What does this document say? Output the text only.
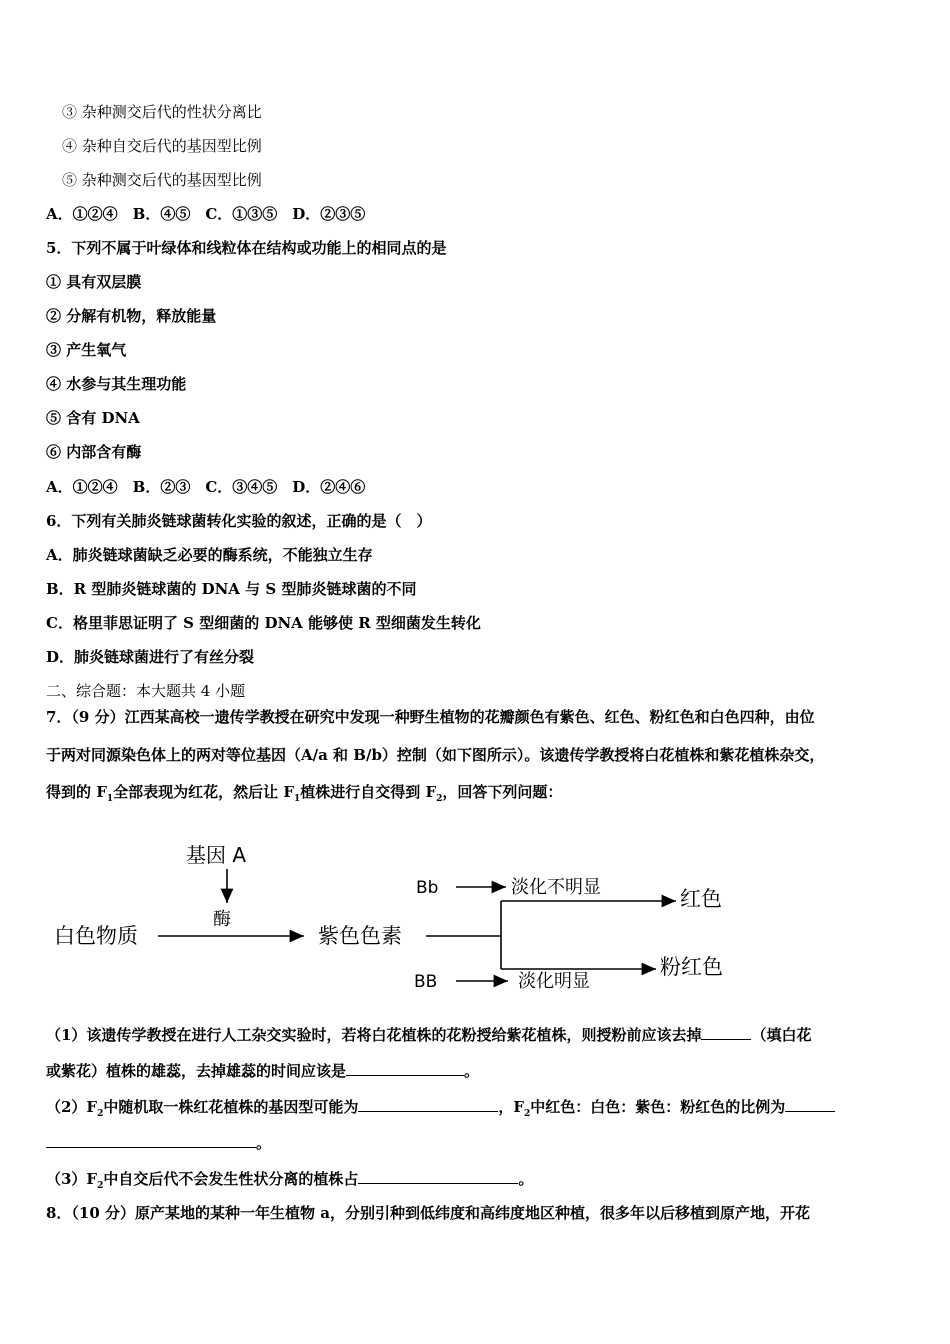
③ 杂种测交后代的性状分离比
④ 杂种自交后代的基因型比例
⑤ 杂种测交后代的基因型比例
A．①②④　B．④⑤　C．①③⑤　D．②③⑤
5．下列不属于叶绿体和线粒体在结构或功能上的相同点的是
① 具有双层膜
② 分解有机物，释放能量
③ 产生氧气
④ 水参与其生理功能
⑤ 含有 DNA
⑥ 内部含有酶
A．①②④　B．②③　C．③④⑤　D．②④⑥
6．下列有关肺炎链球菌转化实验的叙述，正确的是（　）
A．肺炎链球菌缺乏必要的酶系统，不能独立生存
B．R 型肺炎链球菌的 DNA 与 S 型肺炎链球菌的不同
C．格里菲思证明了 S 型细菌的 DNA 能够使 R 型细菌发生转化
D．肺炎链球菌进行了有丝分裂
二、综合题：本大题共 4 小题
7．（9 分）江西某高校一遗传学教授在研究中发现一种野生植物的花瓣颜色有紫色、红色、粉红色和白色四种，由位
于两对同源染色体上的两对等位基因（A/a 和 B/b）控制（如下图所示）。该遗传学教授将白花植株和紫花植株杂交，
得到的 $F_1$全部表现为红花，然后让 $F_1$植株进行自交得到 $F_2$，回答下列问题：
基因 A
酶
白色物质	紫色色素
Bb	淡化不明显	红色
BB	淡化明显
粉红色
（1）该遗传学教授在进行人工杂交实验时，若将白花植株的花粉授给紫花植株，则授粉前应该去掉	（填白花
或紫花）植株的雄蕊，去掉雄蕊的时间应该是	。
$(2)F_2$中随机取一株红花植株的基因型可能为	，$F_2$中红色：白色：紫色：粉红色的比例为
。
$(3)F_2$中自交后代不会发生性状分离的植株占	。
8．（10 分）原产某地的某种一年生植物 a，分别引种到低纬度和高纬度地区种植，很多年以后移植到原产地，开花
